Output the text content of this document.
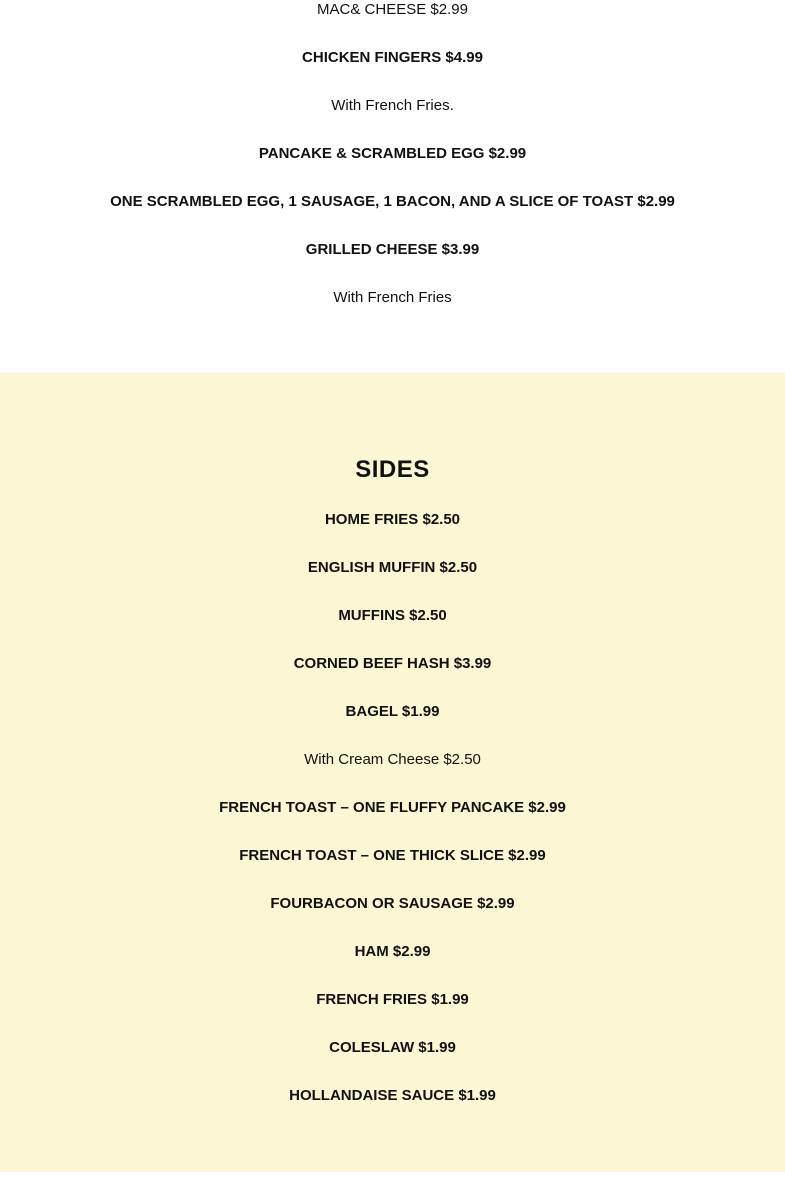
MAC& CHEESE $2.99
CHICKEN FINGERS $4.99
With French Fries.
PANCAKE & SCRAMBLED EGG $2.99
ONE SCRAMBLED EGG, 1 SAUSAGE, 1 BACON, AND A SLICE OF TOAST $2.99
GRILLED CHEESE $3.99
With French Fries
SIDES
HOME FRIES $2.50
ENGLISH MUFFIN $2.50
MUFFINS $2.50
CORNED BEEF HASH $3.99
BAGEL $1.99
With Cream Cheese $2.50
FRENCH TOAST – ONE FLUFFY PANCAKE $2.99
FRENCH TOAST – ONE THICK SLICE $2.99
FOURBACON OR SAUSAGE $2.99
HAM $2.99
FRENCH FRIES $1.99
COLESLAW $1.99
HOLLANDAISE SAUCE $1.99
